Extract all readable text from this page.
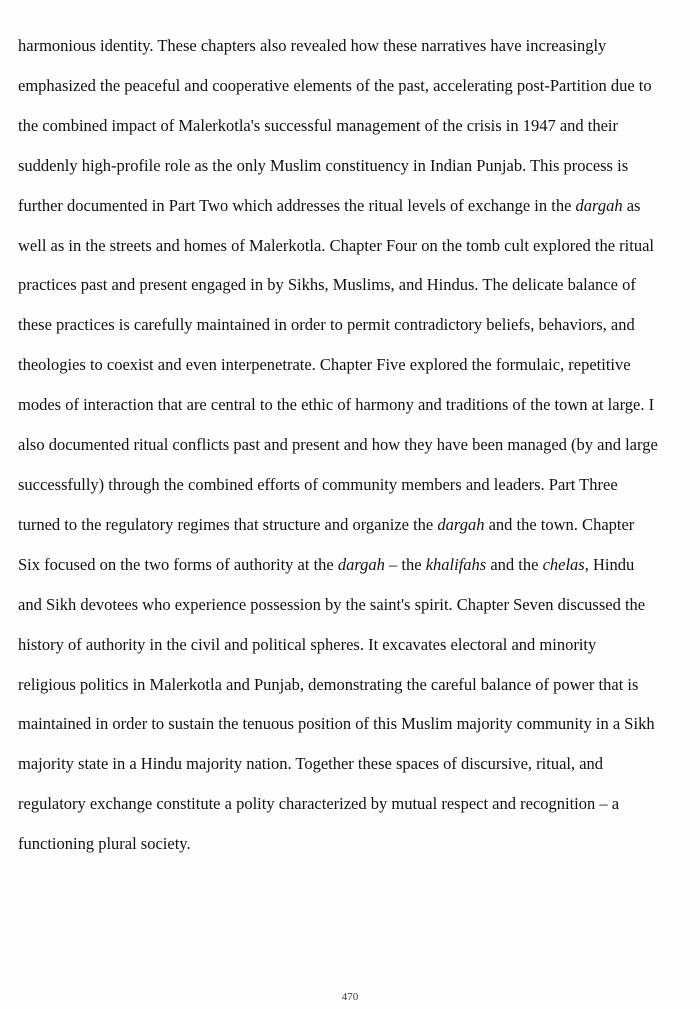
harmonious identity. These chapters also revealed how these narratives have increasingly
emphasized the peaceful and cooperative elements of the past, accelerating post-Partition due to
the combined impact of Malerkotla's successful management of the crisis in 1947 and their
suddenly high-profile role as the only Muslim constituency in Indian Punjab. This process is
further documented in Part Two which addresses the ritual levels of exchange in the dargah as
well as in the streets and homes of Malerkotla. Chapter Four on the tomb cult explored the ritual
practices past and present engaged in by Sikhs, Muslims, and Hindus. The delicate balance of
these practices is carefully maintained in order to permit contradictory beliefs, behaviors, and
theologies to coexist and even interpenetrate. Chapter Five explored the formulaic, repetitive
modes of interaction that are central to the ethic of harmony and traditions of the town at large. I
also documented ritual conflicts past and present and how they have been managed (by and large
successfully) through the combined efforts of community members and leaders. Part Three
turned to the regulatory regimes that structure and organize the dargah and the town. Chapter
Six focused on the two forms of authority at the dargah – the khalifahs and the chelas, Hindu
and Sikh devotees who experience possession by the saint's spirit. Chapter Seven discussed the
history of authority in the civil and political spheres. It excavates electoral and minority
religious politics in Malerkotla and Punjab, demonstrating the careful balance of power that is
maintained in order to sustain the tenuous position of this Muslim majority community in a Sikh
majority state in a Hindu majority nation. Together these spaces of discursive, ritual, and
regulatory exchange constitute a polity characterized by mutual respect and recognition – a
functioning plural society.
470
